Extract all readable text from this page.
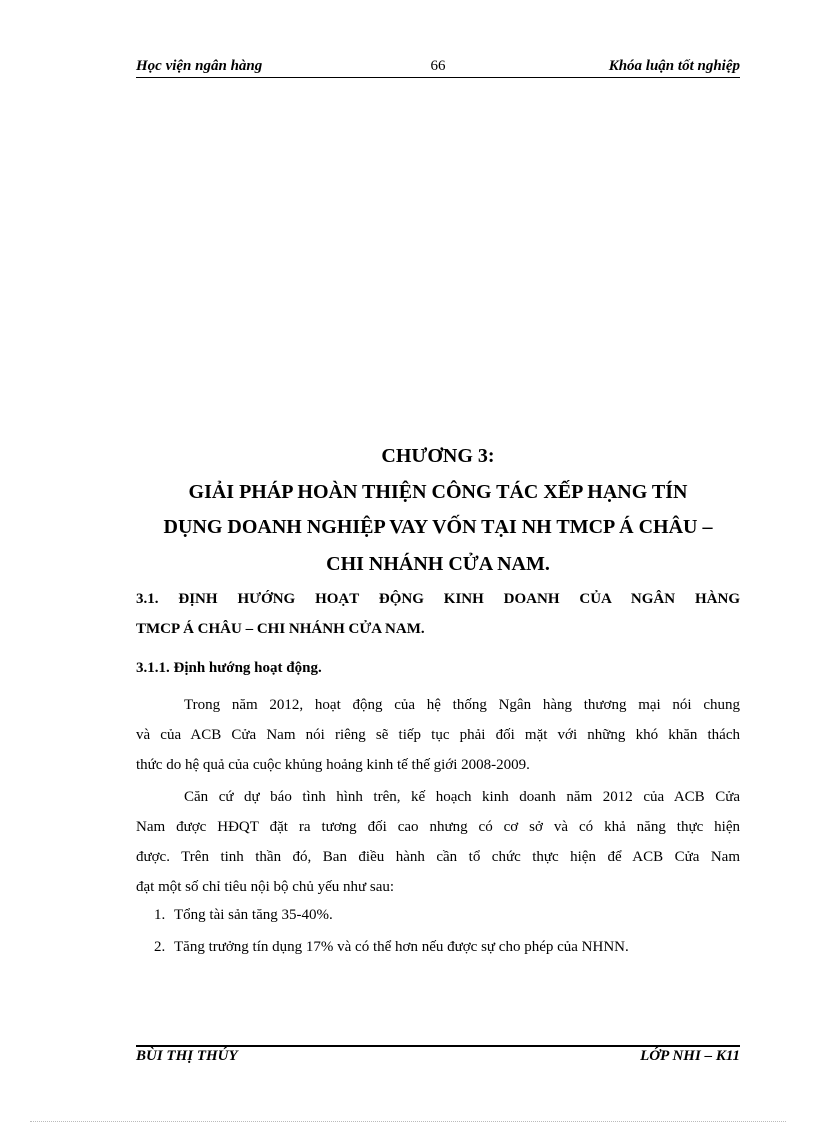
Học viện ngân hàng	66	Khóa luận tốt nghiệp
CHƯƠNG 3:
GIẢI PHÁP HOÀN THIỆN CÔNG TÁC XẾP HẠNG TÍN
DỤNG DOANH NGHIỆP VAY VỐN TẠI NH TMCP Á CHÂU –
CHI NHÁNH CỬA NAM.
3.1. ĐỊNH HƯỚNG HOẠT ĐỘNG KINH DOANH CỦA NGÂN HÀNG
TMCP Á CHÂU – CHI NHÁNH CỬA NAM.
3.1.1. Định hướng hoạt động.
Trong năm 2012, hoạt động của hệ thống Ngân hàng thương mại nói chung
và của ACB Cửa Nam nói riêng sẽ tiếp tục phải đối mặt với những khó khăn thách
thức do hệ quả của cuộc khủng hoảng kinh tế thế giới 2008-2009.
Căn cứ dự báo tình hình trên, kế hoạch kinh doanh năm 2012 của ACB Cửa
Nam được HĐQT đặt ra tương đối cao nhưng có cơ sở và có khả năng thực hiện
được. Trên tinh thần đó, Ban điều hành cần tổ chức thực hiện để ACB Cửa Nam
đạt một số chỉ tiêu nội bộ chủ yếu như sau:
1. Tổng tài sản tăng 35-40%.
2. Tăng trưởng tín dụng 17% và có thể hơn nếu được sự cho phép của NHNN.
BÙI THỊ THÚY	LỚP NHI – K11
